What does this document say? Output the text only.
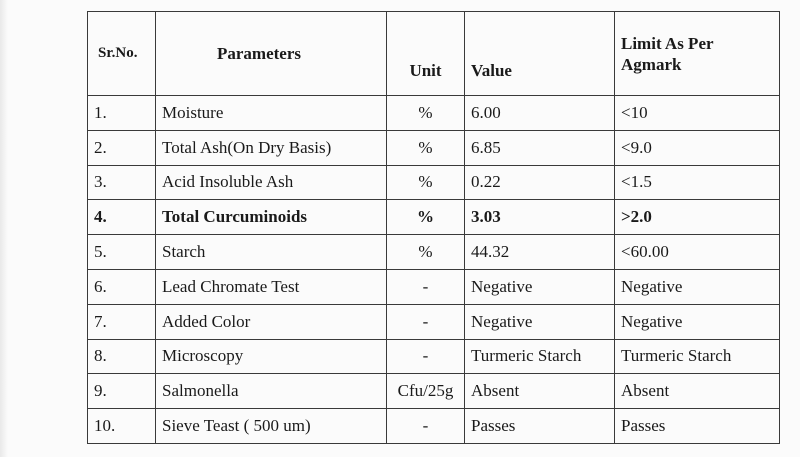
Sr.No.	Parameters	Unit	Value	Limit As Per
Agmark
1.	Moisture	%	6.00	<10
2.	Total Ash(On Dry Basis)	%	6.85	<9.0
3.	Acid Insoluble Ash	%	0.22	<1.5
4.	Total Curcuminoids	%	3.03	>2.0
5.	Starch	%	44.32	<60.00
6.	Lead Chromate Test	-	Negative	Negative
7.	Added Color	-	Negative	Negative
8.	Microscopy	-	Turmeric Starch	Turmeric Starch
9.	Salmonella	Cfu/25g	Absent	Absent
10.	Sieve Teast ( 500 um)	-	Passes	Passes
